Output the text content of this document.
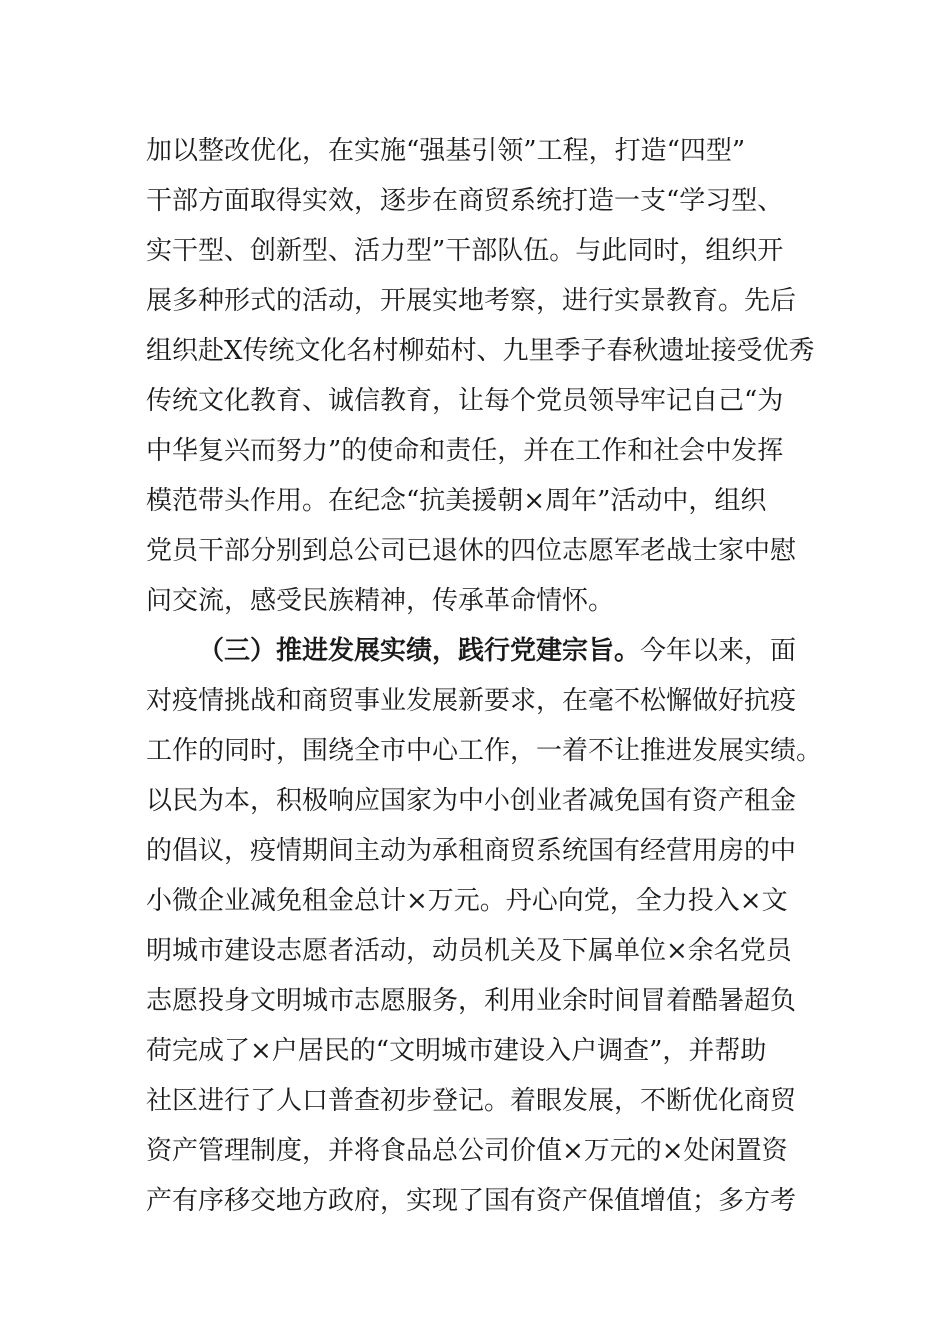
加以整改优化，在实施“强基引领”工程，打造“四型”
干部方面取得实效，逐步在商贸系统打造一支“学习型、
实干型、创新型、活力型”干部队伍。与此同时，组织开
展多种形式的活动，开展实地考察，进行实景教育。先后
组织赴X传统文化名村柳茹村、九里季子春秋遗址接受优秀
传统文化教育、诚信教育，让每个党员领导牢记自己“为
中华复兴而努力”的使命和责任，并在工作和社会中发挥
模范带头作用。在纪念“抗美援朝×周年”活动中，组织
党员干部分别到总公司已退休的四位志愿军老战士家中慰
问交流，感受民族精神，传承革命情怀。
（三）推进发展实绩，践行党建宗旨。今年以来，面
对疫情挑战和商贸事业发展新要求，在毫不松懈做好抗疫
工作的同时，围绕全市中心工作，一着不让推进发展实绩。
以民为本，积极响应国家为中小创业者减免国有资产租金
的倡议，疫情期间主动为承租商贸系统国有经营用房的中
小微企业减免租金总计×万元。丹心向党，全力投入×文
明城市建设志愿者活动，动员机关及下属单位×余名党员
志愿投身文明城市志愿服务，利用业余时间冒着酷暑超负
荷完成了×户居民的“文明城市建设入户调查”，并帮助
社区进行了人口普查初步登记。着眼发展，不断优化商贸
资产管理制度，并将食品总公司价值×万元的×处闲置资
产有序移交地方政府，实现了国有资产保值增值；多方考
